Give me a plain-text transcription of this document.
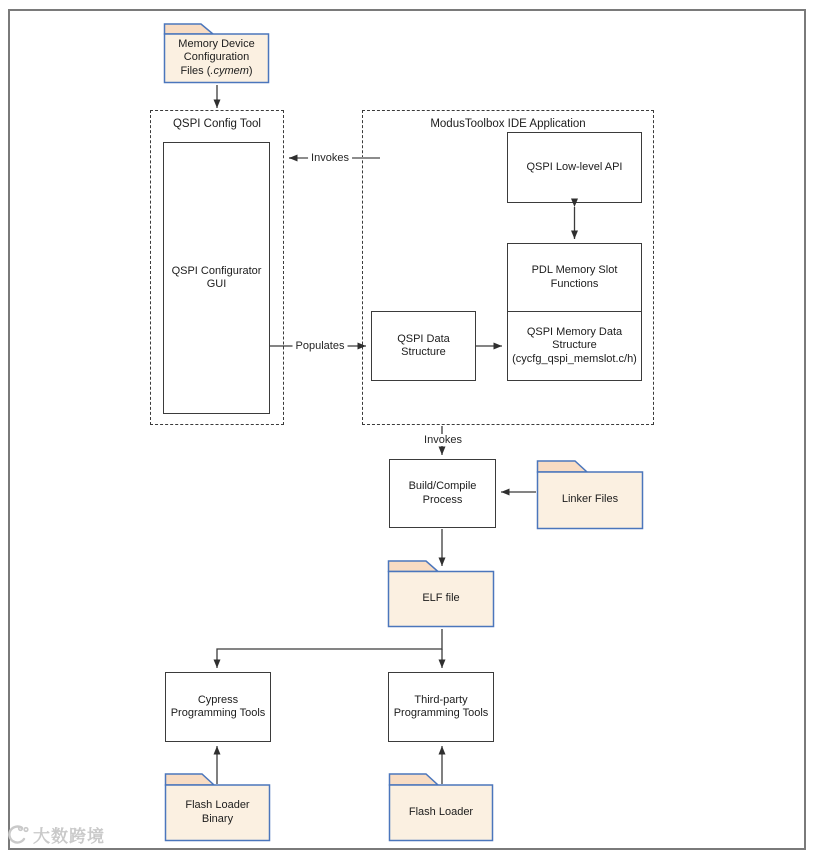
Memory Device
Configuration
Files (.cymem)
QSPI Config Tool
QSPI Configurator
GUI
ModusToolbox IDE Application
QSPI Low-level API
PDL Memory Slot
Functions
QSPI Memory Data
Structure
(cycfg_qspi_memslot.c/h)
QSPI Data
Structure
Build/Compile
Process	Linker Files
ELF file
Cypress
Programming Tools
Third-party
Programming Tools
Flash Loader
Binary
Flash Loader
Invokes
Populates
Invokes
大数跨境
